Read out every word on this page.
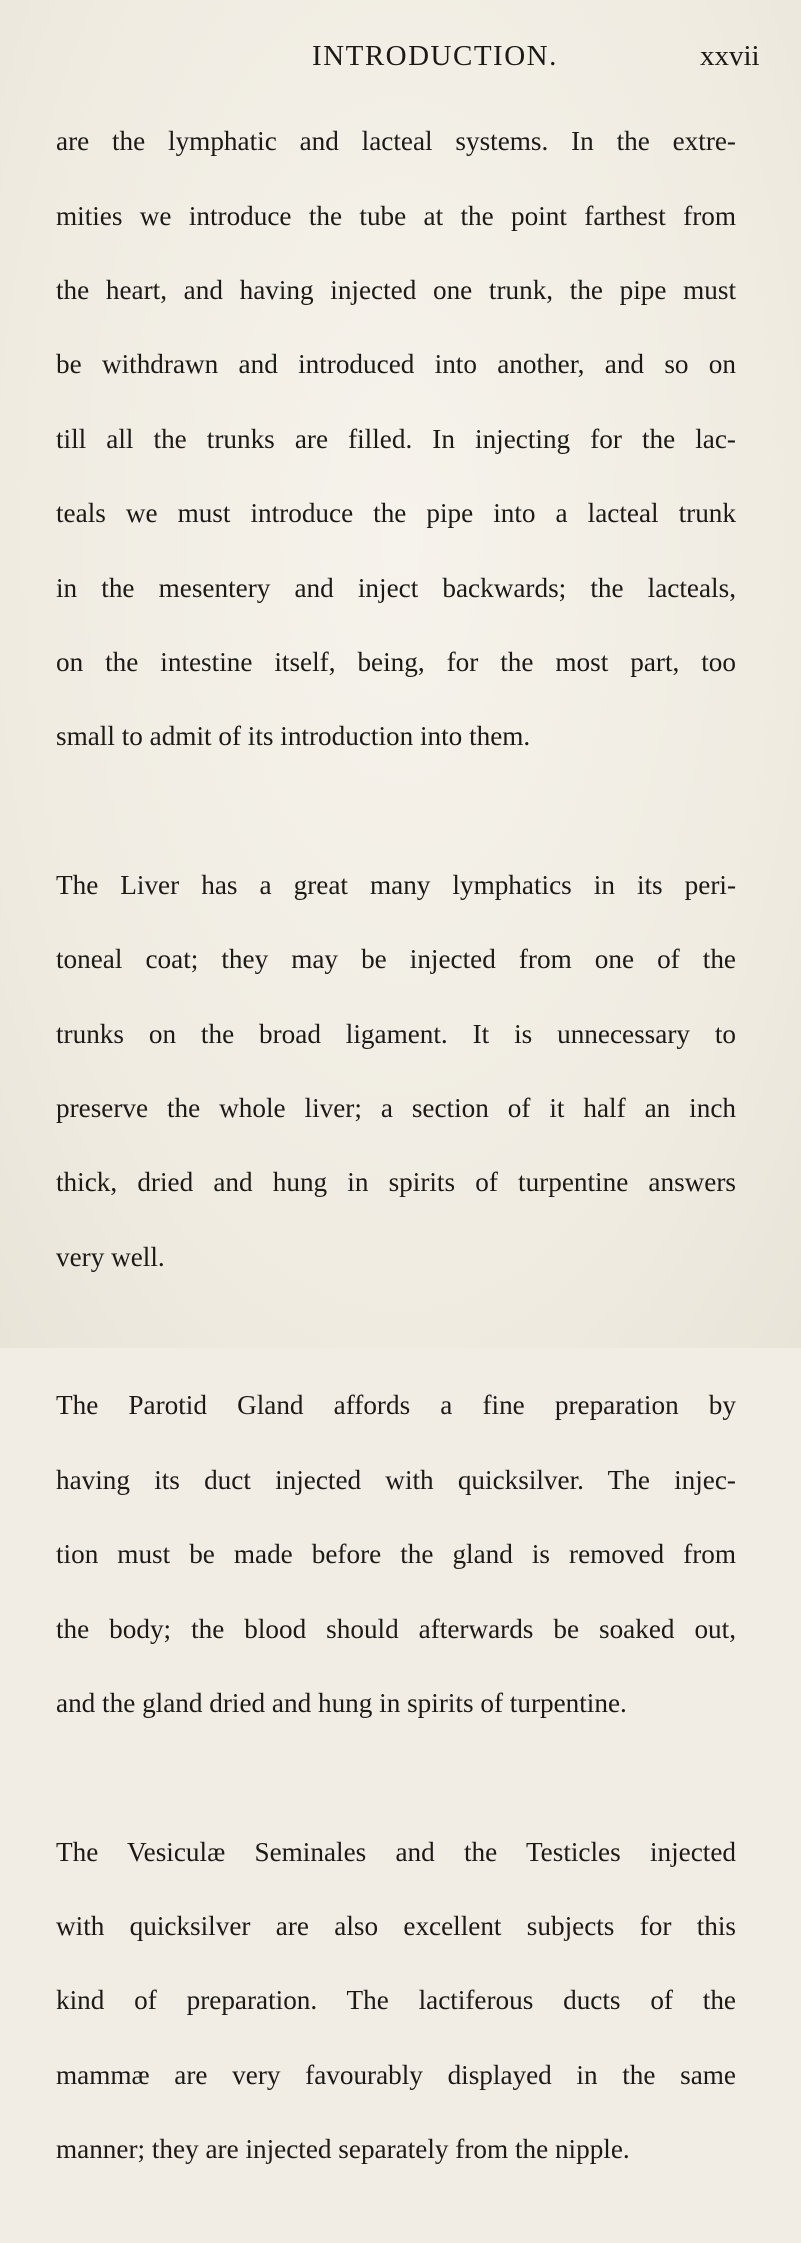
INTRODUCTION.	xxvii

are the lymphatic and lacteal systems. In the extre-

mities we introduce the tube at the point farthest from

the heart, and having injected one trunk, the pipe must

be withdrawn and introduced into another, and so on

till all the trunks are filled. In injecting for the lac-

teals we must introduce the pipe into a lacteal trunk

in the mesentery and inject backwards; the lacteals,

on the intestine itself, being, for the most part, too

small to admit of its introduction into them.

The Liver has a great many lymphatics in its peri-

toneal coat; they may be injected from one of the

trunks on the broad ligament. It is unnecessary to

preserve the whole liver; a section of it half an inch

thick, dried and hung in spirits of turpentine answers

very well.

The Parotid Gland affords a fine preparation by

having its duct injected with quicksilver. The injec-

tion must be made before the gland is removed from

the body; the blood should afterwards be soaked out,

and the gland dried and hung in spirits of turpentine.

The Vesiculæ Seminales and the Testicles injected

with quicksilver are also excellent subjects for this

kind of preparation. The lactiferous ducts of the

mammæ are very favourably displayed in the same

manner; they are injected separately from the nipple.
